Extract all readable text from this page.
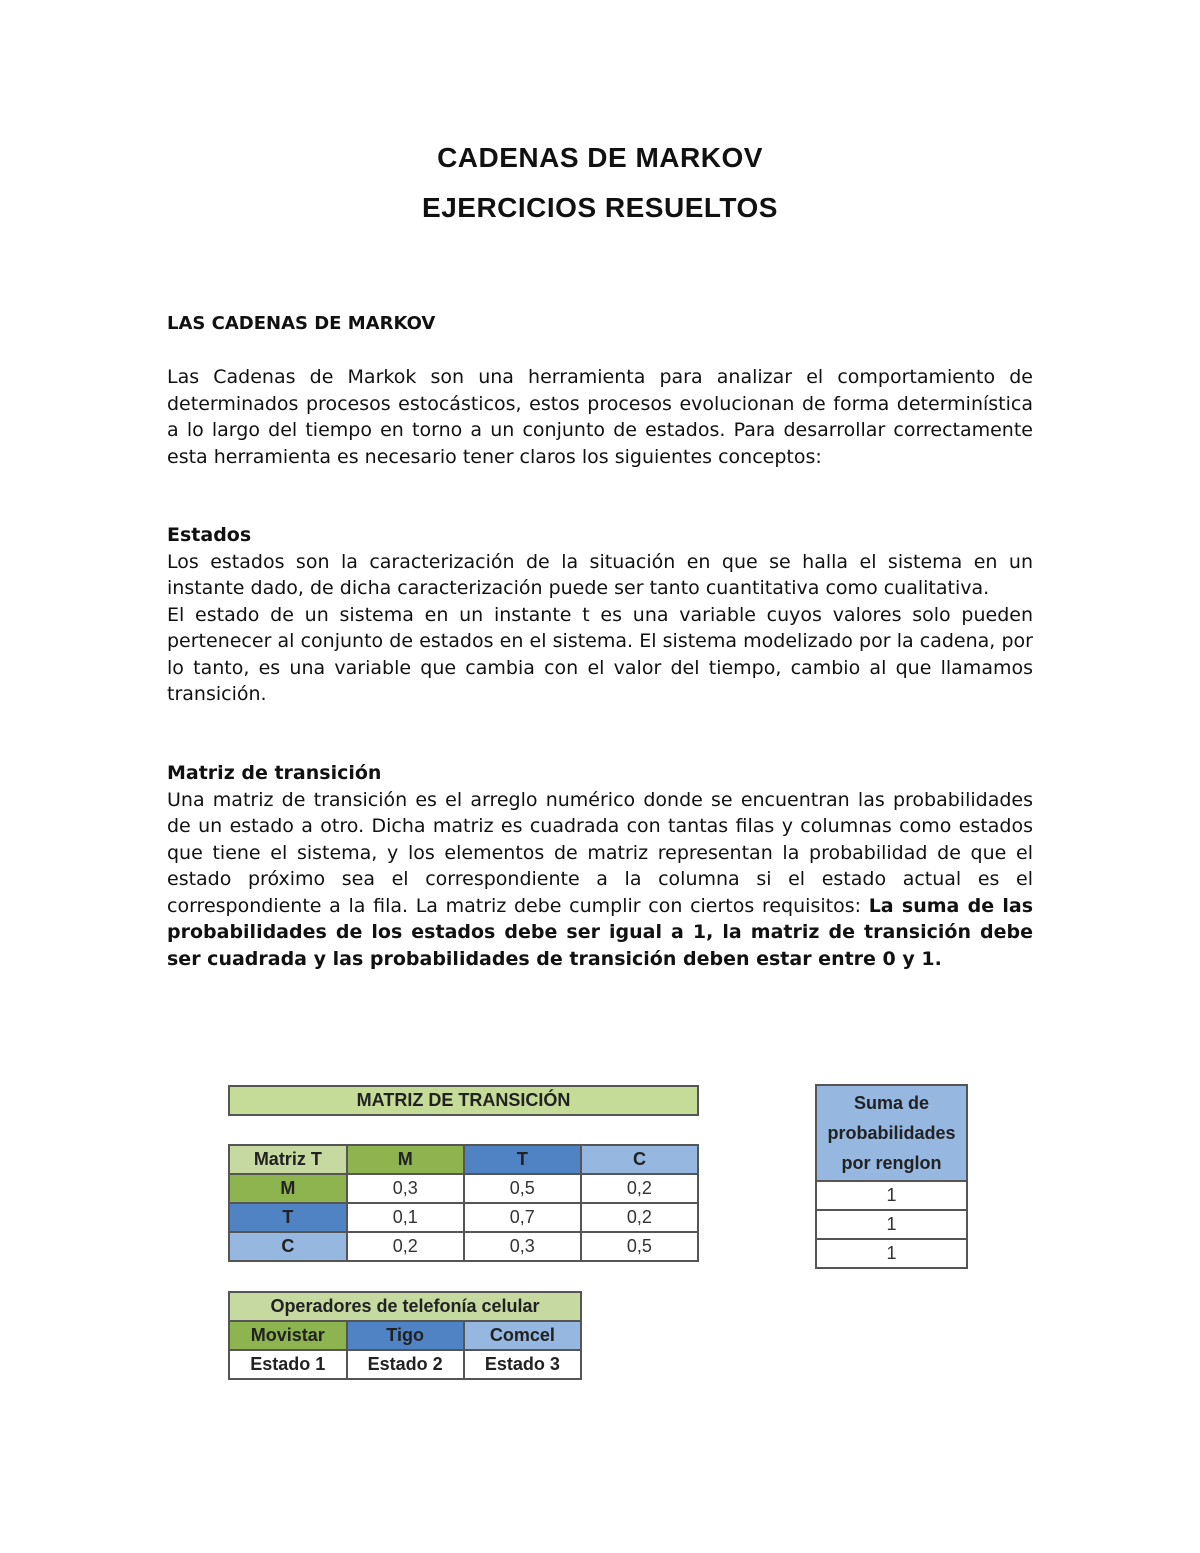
CADENAS DE MARKOV
EJERCICIOS RESUELTOS
LAS CADENAS DE MARKOV
Las Cadenas de Markok son una herramienta para analizar el comportamiento de determinados procesos estocásticos, estos procesos evolucionan de forma determinística a lo largo del tiempo en torno a un conjunto de estados. Para desarrollar correctamente esta herramienta es necesario tener claros los siguientes conceptos:
Estados
Los estados son la caracterización de la situación en que se halla el sistema en un instante dado, de dicha caracterización puede ser tanto cuantitativa como cualitativa.
El estado de un sistema en un instante t es una variable cuyos valores solo pueden pertenecer al conjunto de estados en el sistema. El sistema modelizado por la cadena, por lo tanto, es una variable que cambia con el valor del tiempo, cambio al que llamamos transición.
Matriz de transición
Una matriz de transición es el arreglo numérico donde se encuentran las probabilidades de un estado a otro. Dicha matriz es cuadrada con tantas filas y columnas como estados que tiene el sistema, y los elementos de matriz representan la probabilidad de que el estado próximo sea el correspondiente a la columna si el estado actual es el correspondiente a la fila. La matriz debe cumplir con ciertos requisitos: La suma de las probabilidades de los estados debe ser igual a 1, la matriz de transición debe ser cuadrada y las probabilidades de transición deben estar entre 0 y 1.
MATRIZ DE TRANSICIÓN
Matriz T	M	T	C
M	0,3	0,5	0,2
T	0,1	0,7	0,2
C	0,2	0,3	0,5
Suma de
probabilidades
por renglon

1
1
1
Operadores de telefonía celular		
Movistar	Tigo	Comcel
Estado 1	Estado 2	Estado 3
